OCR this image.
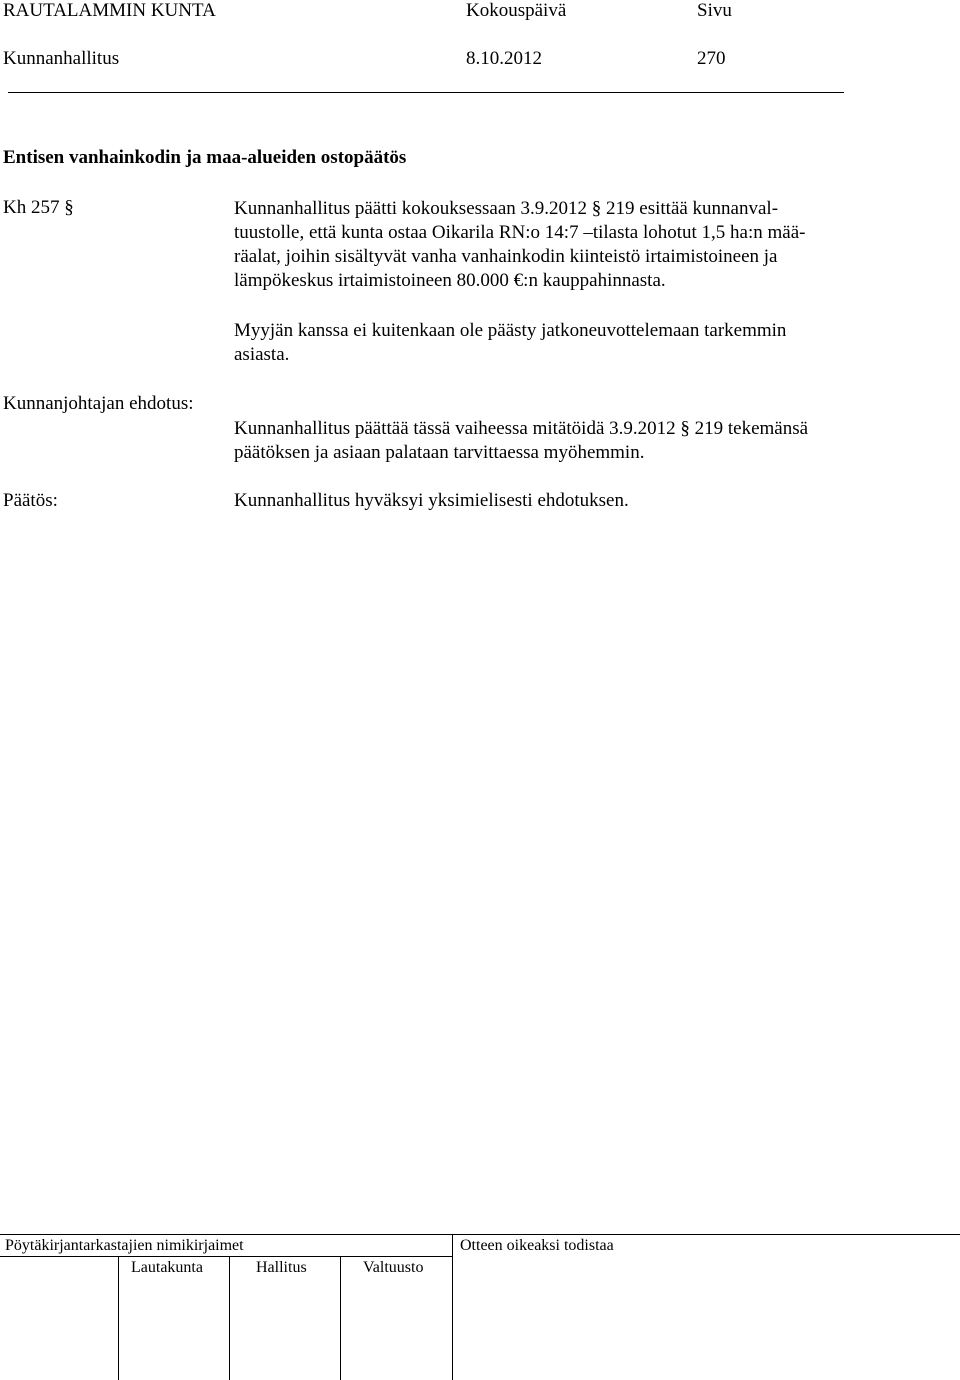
RAUTALAMMIN KUNTA	Kokouspäivä	Sivu
Kunnanhallitus	8.10.2012	270
Entisen vanhainkodin ja maa-alueiden ostopäätös
Kh 257 §	Kunnanhallitus päätti kokouksessaan 3.9.2012 § 219 esittää kunnanval-
tuustolle, että kunta ostaa Oikarila RN:o 14:7 –tilasta lohotut 1,5 ha:n mää-
räalat, joihin sisältyvät vanha vanhainkodin kiinteistö irtaimistoineen ja
lämpökeskus irtaimistoineen 80.000 €:n kauppahinnasta.
Myyjän kanssa ei kuitenkaan ole päästy jatkoneuvottelemaan tarkemmin
asiasta.
Kunnanjohtajan ehdotus:
Kunnanhallitus päättää tässä vaiheessa mitätöidä 3.9.2012 § 219 tekemänsä
päätöksen ja asiaan palataan tarvittaessa myöhemmin.
Päätös:	Kunnanhallitus hyväksyi yksimielisesti ehdotuksen.
Pöytäkirjantarkastajien nimikirjaimet	Otteen oikeaksi todistaa
Lautakunta	Hallitus	Valtuusto
